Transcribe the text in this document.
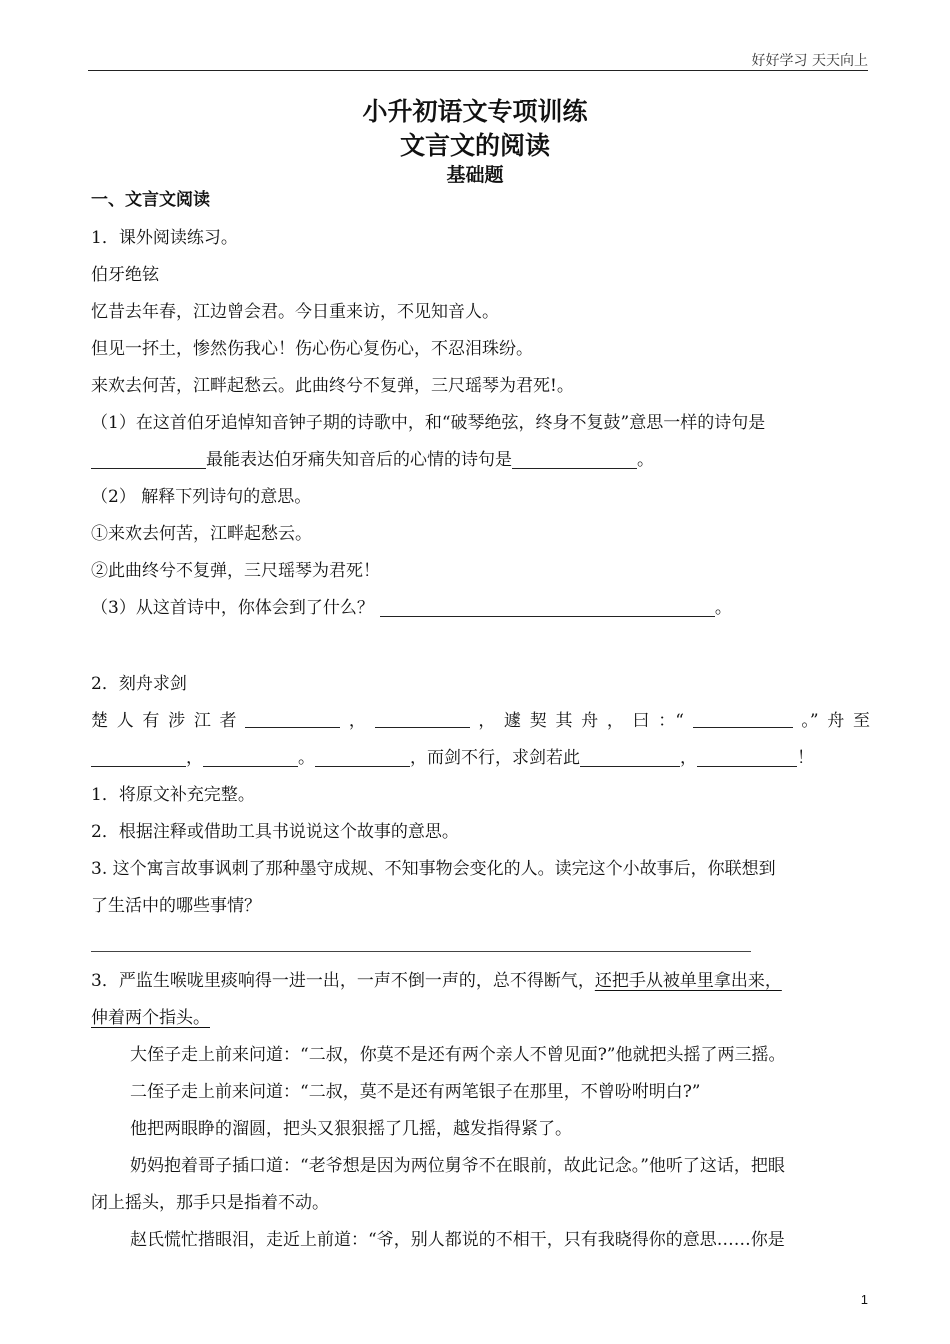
好好学习 天天向上
小升初语文专项训练
文言文的阅读
基础题
一、文言文阅读
1．课外阅读练习。
伯牙绝铉
忆昔去年春，江边曾会君。今日重来访，不见知音人。
但见一抔土，惨然伤我心！伤心伤心复伤心，不忍泪珠纷。
来欢去何苦，江畔起愁云。此曲终兮不复弹，三尺瑶琴为君死!。
（1）在这首伯牙追悼知音钟子期的诗歌中，和“破琴绝弦，终身不复鼓”意思一样的诗句是
最能表达伯牙痛失知音后的心情的诗句是	。
（2） 解释下列诗句的意思。
①来欢去何苦，江畔起愁云。
②此曲终兮不复弹，三尺瑶琴为君死！
（3）从这首诗中，你体会到了什么？	。
2．刻舟求剑
楚 人 有 涉 江 者	，	， 遽 契 其 舟 ， 曰 ：“	。” 舟 至
，	。	，而剑不行，求剑若此	，	！
1．将原文补充完整。
2．根据注释或借助工具书说说这个故事的意思。
3. 这个寓言故事讽刺了那种墨守成规、不知事物会变化的人。读完这个小故事后，你联想到
了生活中的哪些事情？
3．严监生喉咙里痰响得一进一出，一声不倒一声的，总不得断气，还把手从被单里拿出来，
伸着两个指头。
大侄子走上前来问道：“二叔，你莫不是还有两个亲人不曾见面?”他就把头摇了两三摇。
二侄子走上前来问道：“二叔，莫不是还有两笔银子在那里，不曾吩咐明白?”
他把两眼睁的溜圆，把头又狠狠摇了几摇，越发指得紧了。
奶妈抱着哥子插口道：“老爷想是因为两位舅爷不在眼前，故此记念。”他听了这话，把眼
闭上摇头，那手只是指着不动。
赵氏慌忙揩眼泪，走近上前道：“爷，别人都说的不相干，只有我晓得你的意思……你是
1
